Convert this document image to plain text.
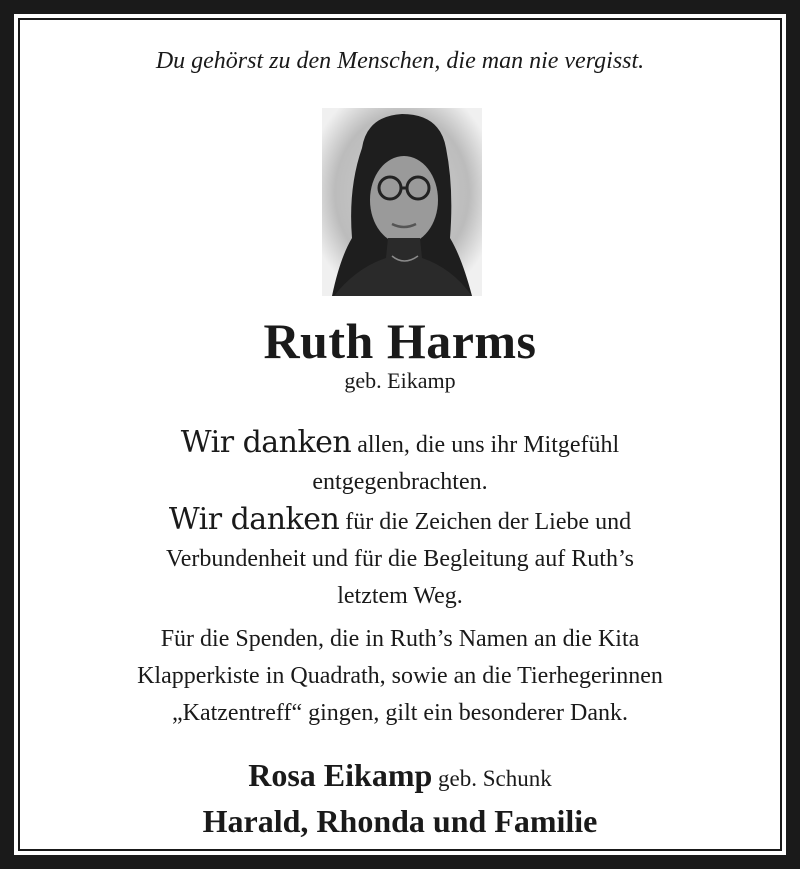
Du gehörst zu den Menschen, die man nie vergisst.
Ruth Harms
geb. Eikamp

Wir danken allen, die uns ihr Mitgefühl
entgegenbrachten.

Wir danken für die Zeichen der Liebe und
Verbundenheit und für die Begleitung auf Ruth’s
letztem Weg.

Für die Spenden, die in Ruth’s Namen an die Kita
Klapperkiste in Quadrath, sowie an die Tierhegerinnen
„Katzentreff“ gingen, gilt ein besonderer Dank.

Rosa Eikamp geb. Schunk
Harald, Rhonda und Familie
